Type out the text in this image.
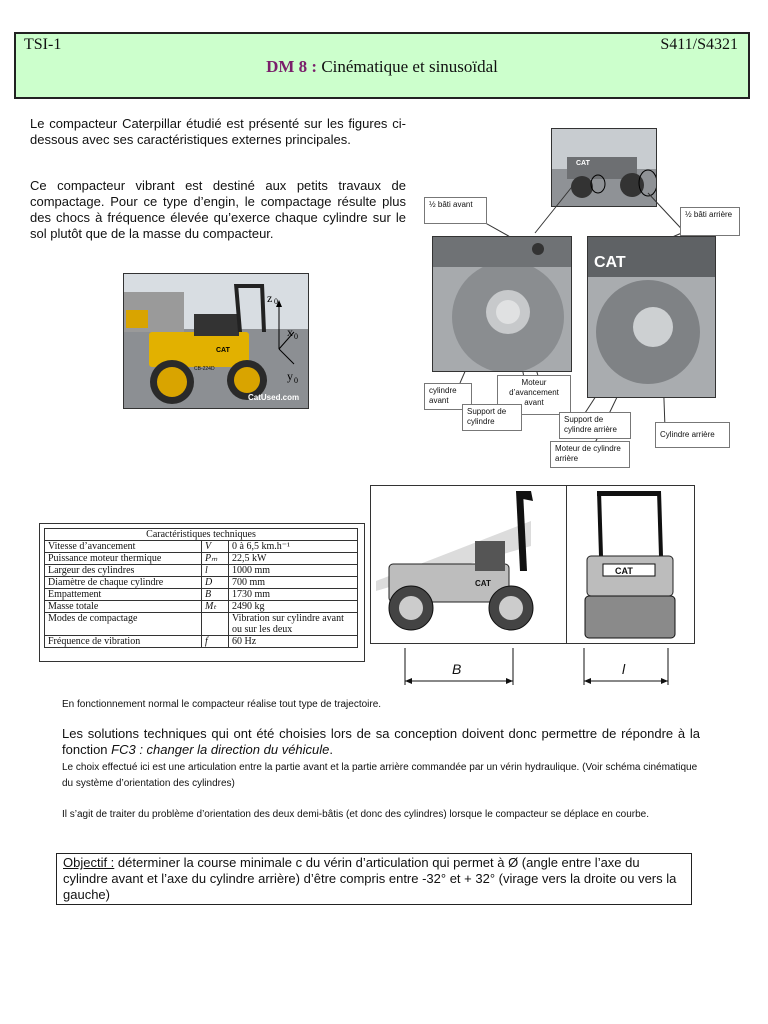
TSI-1	S411/S4321
DM 8 : Cinématique et sinusoïdal
Le compacteur Caterpillar étudié est présenté sur les figures ci-dessous avec ses caractéristiques externes principales.
Ce compacteur vibrant est destiné aux petits travaux de compactage. Pour ce type d’engin, le compactage résulte plus des chocs à fréquence élevée qu’exerce chaque cylindre sur le sol plutôt que de la masse du compacteur.
CAT
CB-224D
z 0
x 0
y 0
CatUsed.com
CAT
CAT
½ bâti avant
½ bâti arrière
cylindre avant
Moteur d’avancement avant
Support de cylindre	Support de cylindre arrière
Moteur de cylindre arrière
Cylindre arrière
Caractéristiques techniques		
Vitesse d’avancement	V	0 à 6,5 km.h⁻¹
Puissance moteur thermique	Pₘ	22,5 kW
Largeur des cylindres	l	1000 mm
Diamètre de chaque cylindre	D	700 mm
Empattement	B	1730 mm
Masse totale	Mₜ	2490 kg
Modes de compactage		Vibration sur cylindre avant ou sur les deux
Fréquence de vibration	f	60 Hz
CAT
CAT
B	l
En fonctionnement normal le compacteur réalise tout type de trajectoire.
Les solutions techniques qui ont été choisies lors de sa conception doivent donc permettre de répondre à la fonction FC3 : changer la direction du véhicule.
Le choix effectué ici est une articulation entre la partie avant et la partie arrière commandée par un vérin hydraulique. (Voir schéma cinématique du système d’orientation des cylindres)
Il s’agit de traiter du problème d’orientation des deux demi-bâtis (et donc des cylindres) lorsque le compacteur se déplace en courbe.
Objectif : déterminer la course minimale c du vérin d’articulation qui permet à Ø (angle entre l’axe du cylindre avant et l’axe du cylindre arrière) d’être compris entre -32° et + 32° (virage vers la droite ou vers la gauche)
